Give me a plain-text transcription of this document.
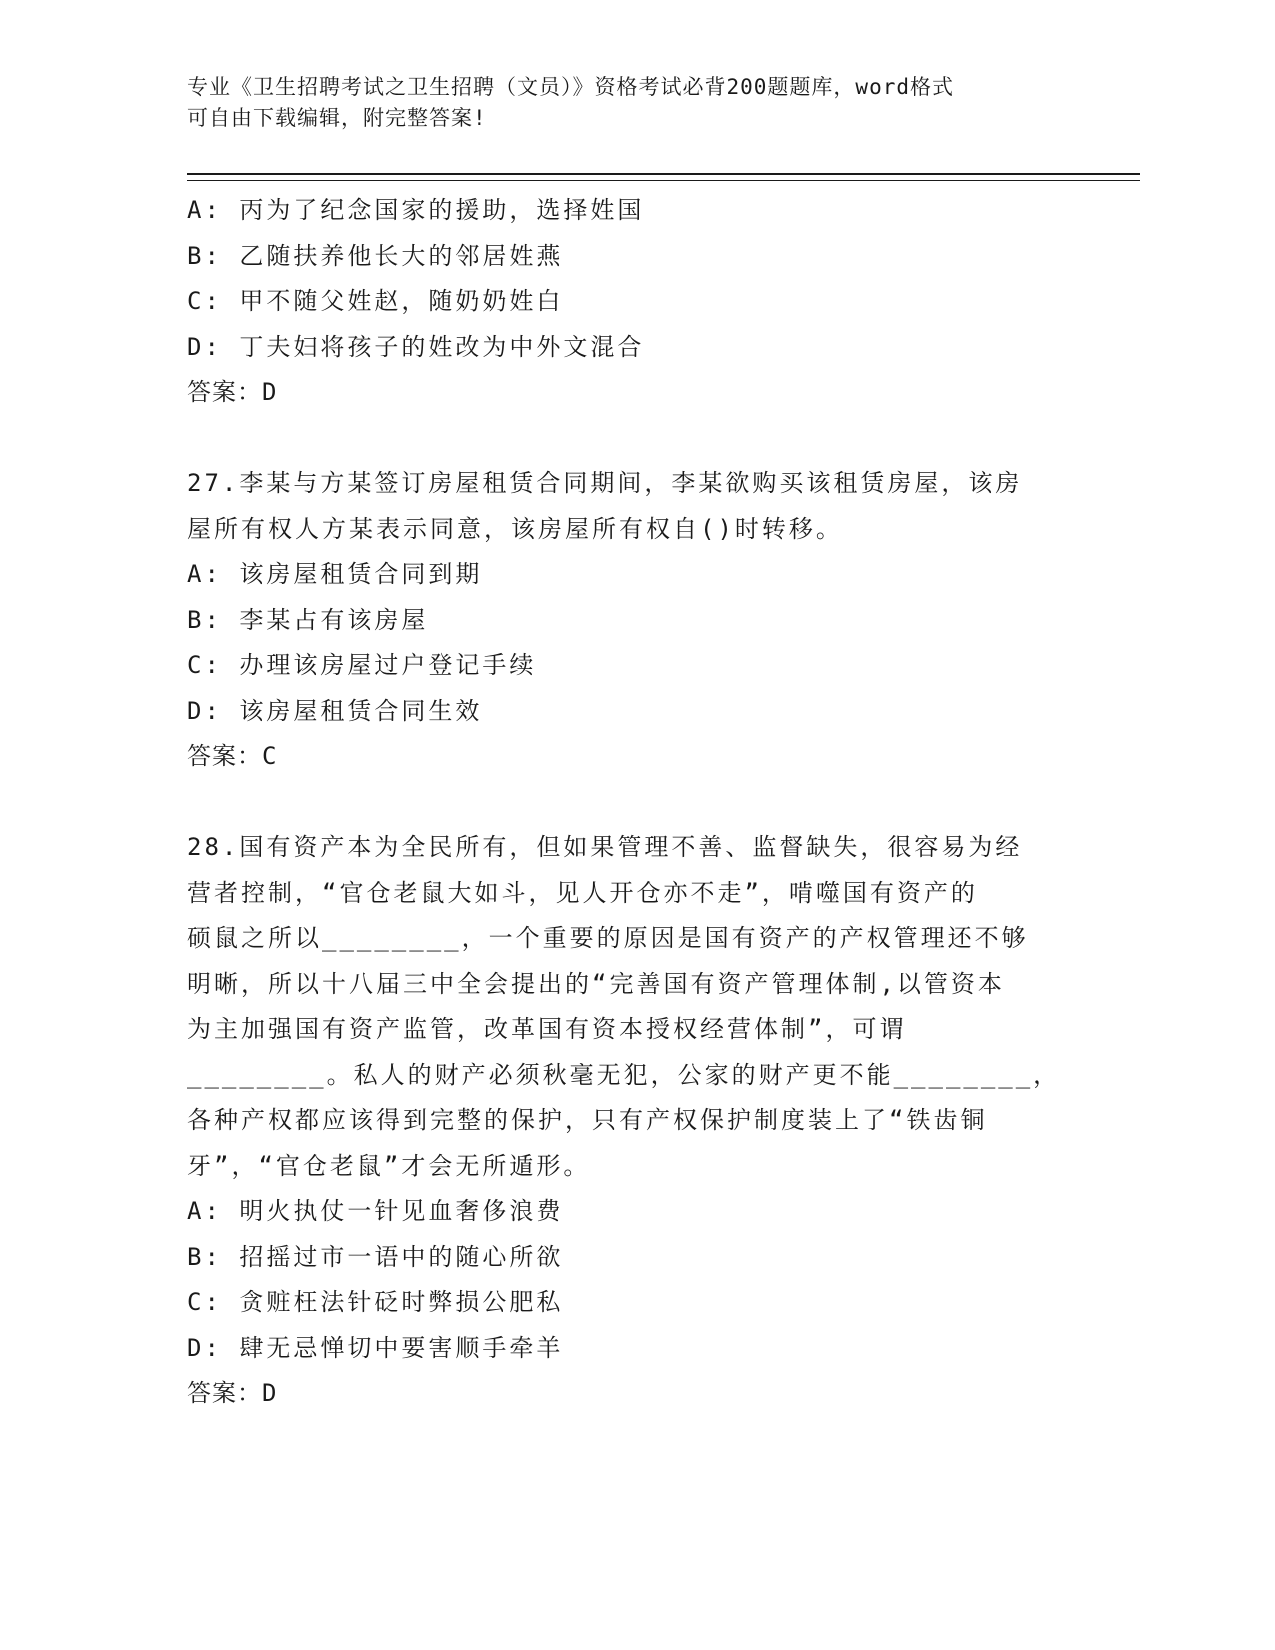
专业《卫生招聘考试之卫生招聘（文员）》资格考试必背200题题库，word格式
可自由下载编辑，附完整答案!
A: 丙为了纪念国家的援助，选择姓国
B: 乙随扶养他长大的邻居姓燕
C: 甲不随父姓赵，随奶奶姓白
D: 丁夫妇将孩子的姓改为中外文混合
答案：D
27.李某与方某签订房屋租赁合同期间，李某欲购买该租赁房屋，该房
屋所有权人方某表示同意，该房屋所有权自()时转移。
A: 该房屋租赁合同到期
B: 李某占有该房屋
C: 办理该房屋过户登记手续
D: 该房屋租赁合同生效
答案：C
28.国有资产本为全民所有，但如果管理不善、监督缺失，很容易为经
营者控制，“官仓老鼠大如斗，见人开仓亦不走”，啃噬国有资产的
硕鼠之所以________，一个重要的原因是国有资产的产权管理还不够
明晰，所以十八届三中全会提出的“完善国有资产管理体制,以管资本
为主加强国有资产监管，改革国有资本授权经营体制”，可谓
________。私人的财产必须秋毫无犯，公家的财产更不能________，
各种产权都应该得到完整的保护，只有产权保护制度装上了“铁齿铜
牙”，“官仓老鼠”才会无所遁形。
A: 明火执仗一针见血奢侈浪费
B: 招摇过市一语中的随心所欲
C: 贪赃枉法针砭时弊损公肥私
D: 肆无忌惮切中要害顺手牵羊
答案：D
